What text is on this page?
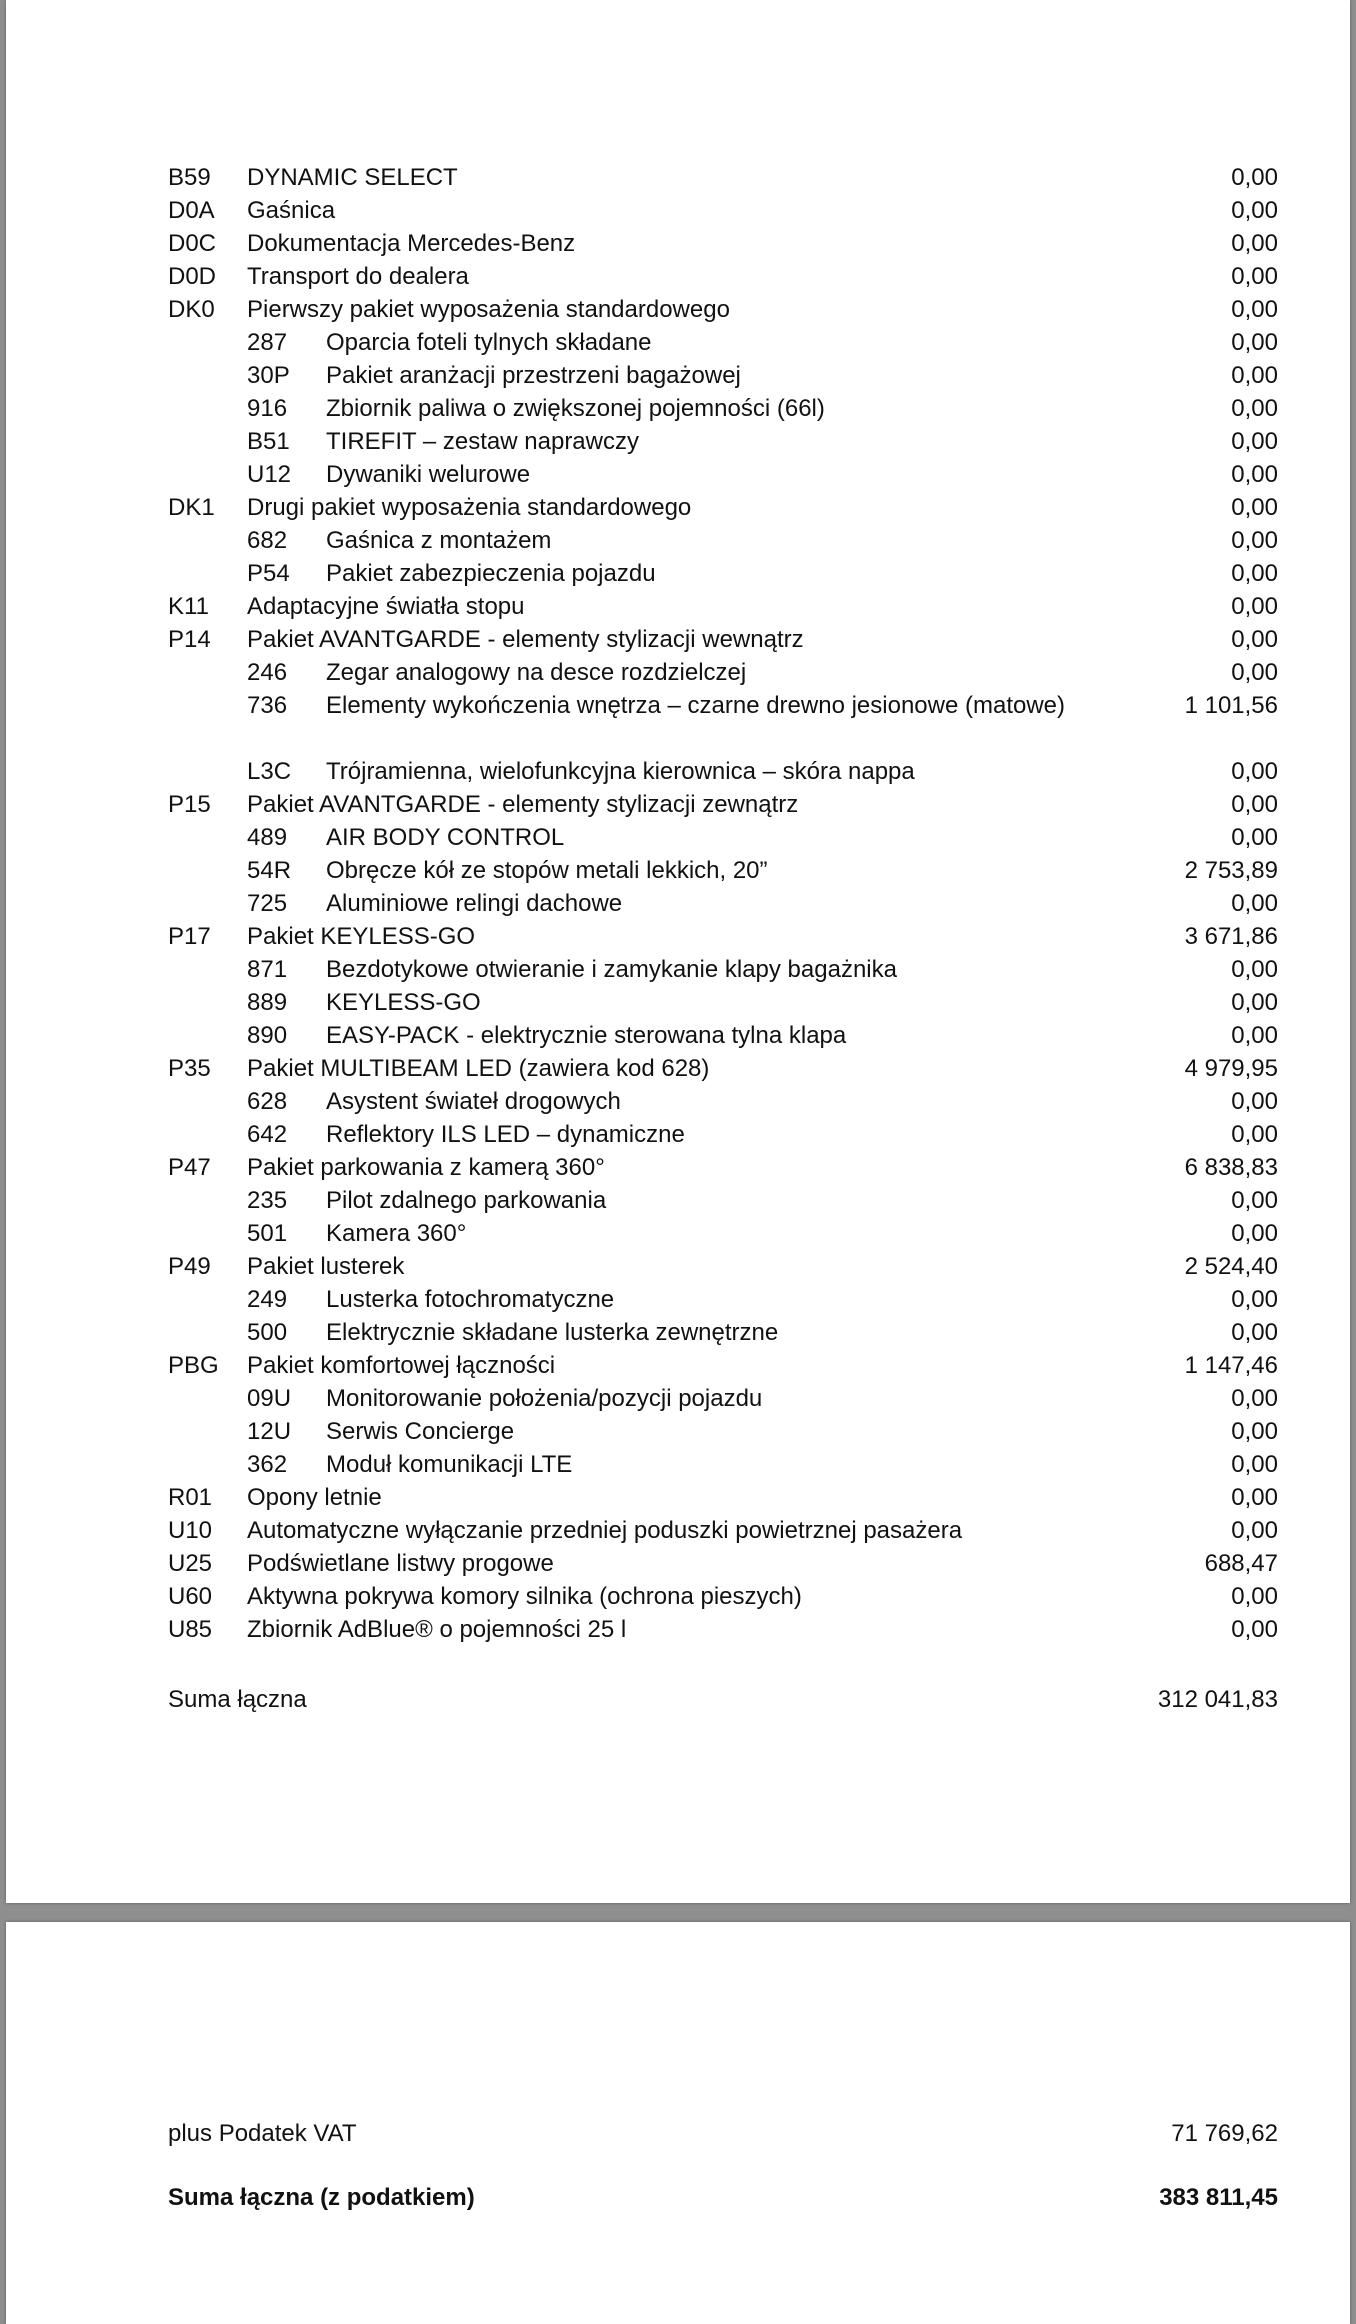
B59 DYNAMIC SELECT	0,00
D0A Gaśnica	0,00
D0C Dokumentacja Mercedes-Benz	0,00
D0D Transport do dealera	0,00
DK0 Pierwszy pakiet wyposażenia standardowego	0,00
287 Oparcia foteli tylnych składane	0,00
30P Pakiet aranżacji przestrzeni bagażowej	0,00
916 Zbiornik paliwa o zwiększonej pojemności (66l)	0,00
B51 TIREFIT – zestaw naprawczy	0,00
U12 Dywaniki welurowe	0,00
DK1 Drugi pakiet wyposażenia standardowego	0,00
682 Gaśnica z montażem	0,00
P54 Pakiet zabezpieczenia pojazdu	0,00
K11 Adaptacyjne światła stopu	0,00
P14 Pakiet AVANTGARDE - elementy stylizacji wewnątrz	0,00
246 Zegar analogowy na desce rozdzielczej	0,00
736 Elementy wykończenia wnętrza – czarne drewno jesionowe (matowe)	1 101,56
L3C Trójramienna, wielofunkcyjna kierownica – skóra nappa	0,00
P15 Pakiet AVANTGARDE - elementy stylizacji zewnątrz	0,00
489 AIR BODY CONTROL	0,00
54R Obręcze kół ze stopów metali lekkich, 20”	2 753,89
725 Aluminiowe relingi dachowe	0,00
P17 Pakiet KEYLESS-GO	3 671,86
871 Bezdotykowe otwieranie i zamykanie klapy bagażnika	0,00
889 KEYLESS-GO	0,00
890 EASY-PACK - elektrycznie sterowana tylna klapa	0,00
P35 Pakiet MULTIBEAM LED (zawiera kod 628)	4 979,95
628 Asystent świateł drogowych	0,00
642 Reflektory ILS LED – dynamiczne	0,00
P47 Pakiet parkowania z kamerą 360°	6 838,83
235 Pilot zdalnego parkowania	0,00
501 Kamera 360°	0,00
P49 Pakiet lusterek	2 524,40
249 Lusterka fotochromatyczne	0,00
500 Elektrycznie składane lusterka zewnętrzne	0,00
PBG Pakiet komfortowej łączności	1 147,46
09U Monitorowanie położenia/pozycji pojazdu	0,00
12U Serwis Concierge	0,00
362 Moduł komunikacji LTE	0,00
R01 Opony letnie	0,00
U10 Automatyczne wyłączanie przedniej poduszki powietrznej pasażera	0,00
U25 Podświetlane listwy progowe	688,47
U60 Aktywna pokrywa komory silnika (ochrona pieszych)	0,00
U85 Zbiornik AdBlue® o pojemności 25 l	0,00
Suma łączna	312 041,83
plus Podatek VAT	71 769,62
Suma łączna (z podatkiem)	383 811,45
